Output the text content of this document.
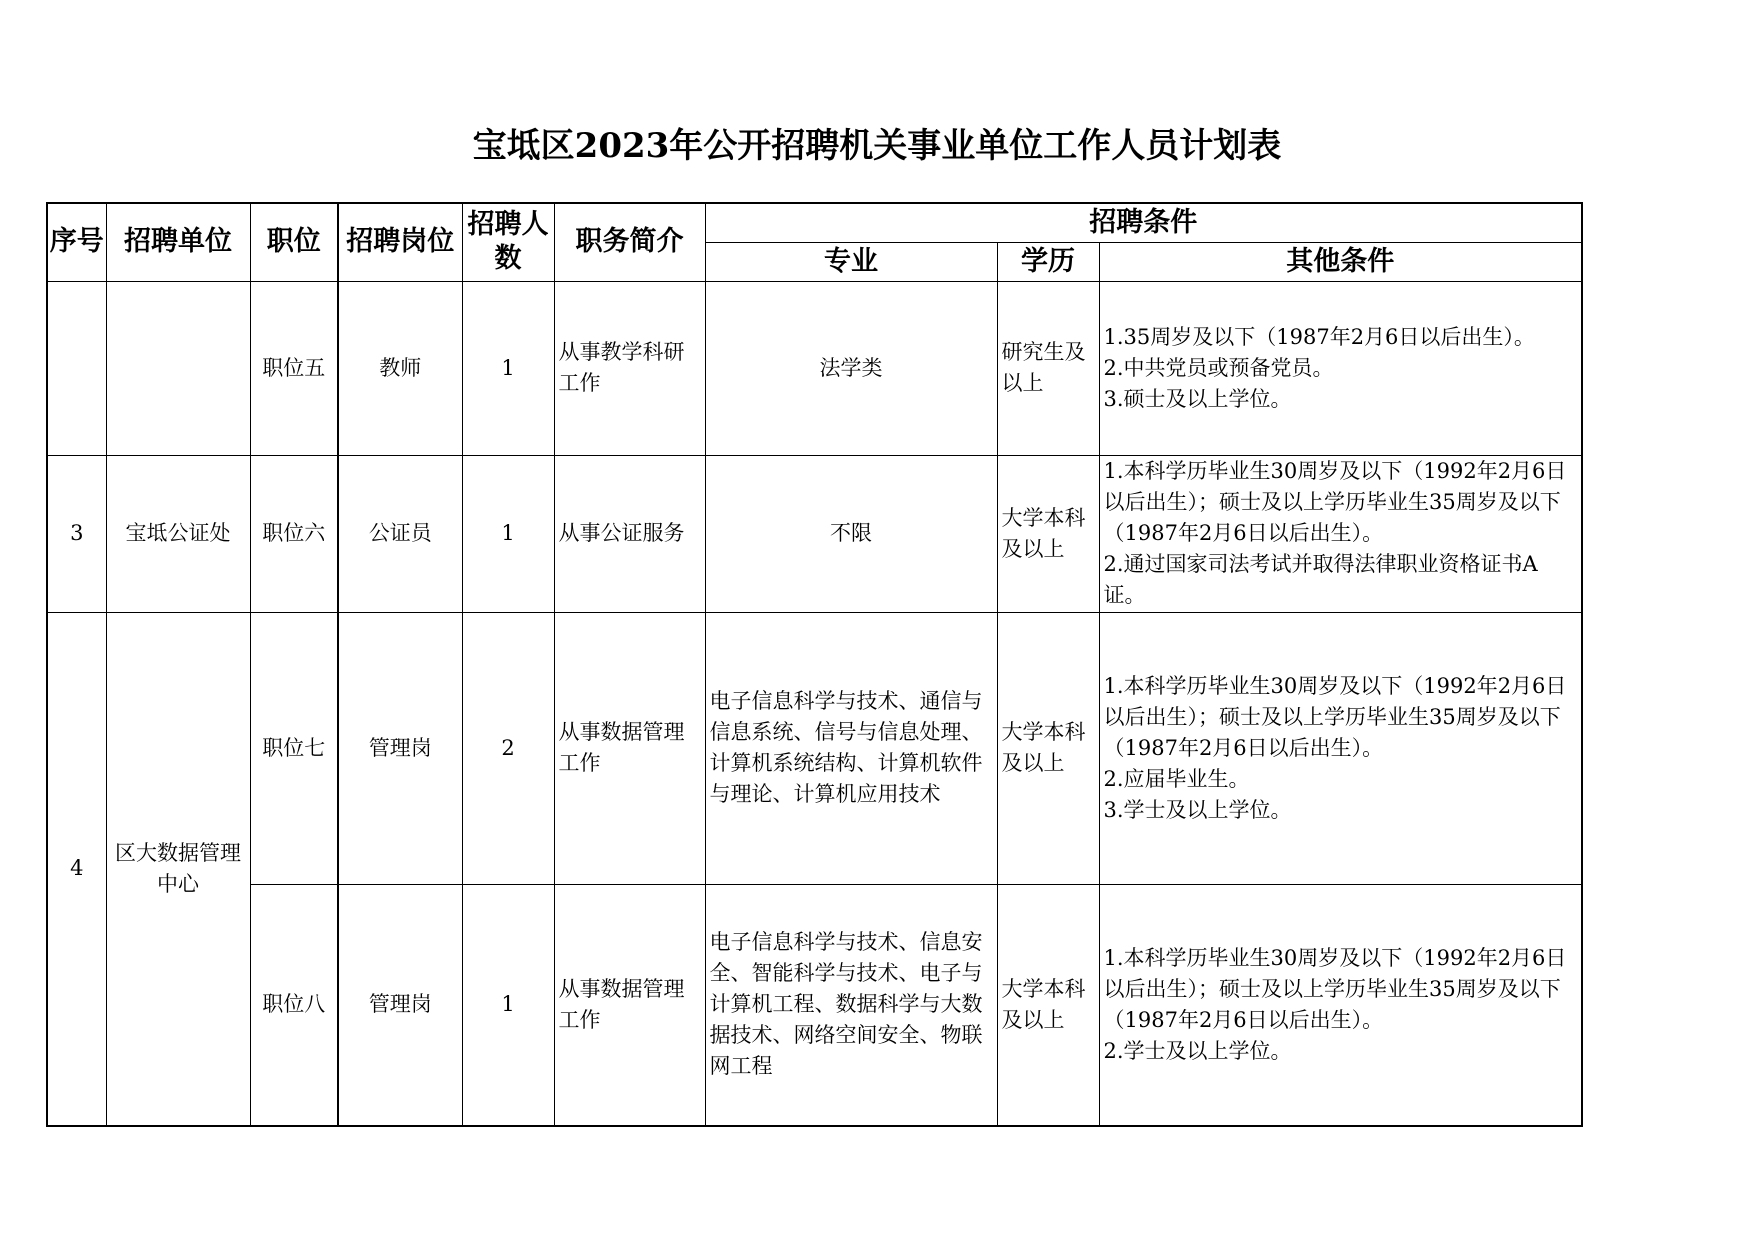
宝坻区2023年公开招聘机关事业单位工作人员计划表
序号	招聘单位	职位	招聘岗位	招聘人数	职务简介	招聘条件		
						专业	学历	其他条件
		职位五	教师	1	从事教学科研工作	法学类	研究生及以上	1.35周岁及以下（1987年2月6日以后出生）。
2.中共党员或预备党员。
3.硕士及以上学位。

3	宝坻公证处	职位六	公证员	1	从事公证服务	不限	大学本科及以上	1.本科学历毕业生30周岁及以下（1992年2月6日以后出生）；硕士及以上学历毕业生35周岁及以下（1987年2月6日以后出生）。
2.通过国家司法考试并取得法律职业资格证书A证。

4	区大数据管理中心	职位七	管理岗	2	从事数据管理工作	电子信息科学与技术、通信与信息系统、信号与信息处理、计算机系统结构、计算机软件与理论、计算机应用技术	大学本科及以上	1.本科学历毕业生30周岁及以下（1992年2月6日以后出生）；硕士及以上学历毕业生35周岁及以下（1987年2月6日以后出生）。
2.应届毕业生。
3.学士及以上学位。

		职位八	管理岗	1	从事数据管理工作	电子信息科学与技术、信息安全、智能科学与技术、电子与计算机工程、数据科学与大数据技术、网络空间安全、物联网工程	大学本科及以上	1.本科学历毕业生30周岁及以下（1992年2月6日以后出生）；硕士及以上学历毕业生35周岁及以下（1987年2月6日以后出生）。
2.学士及以上学位。
